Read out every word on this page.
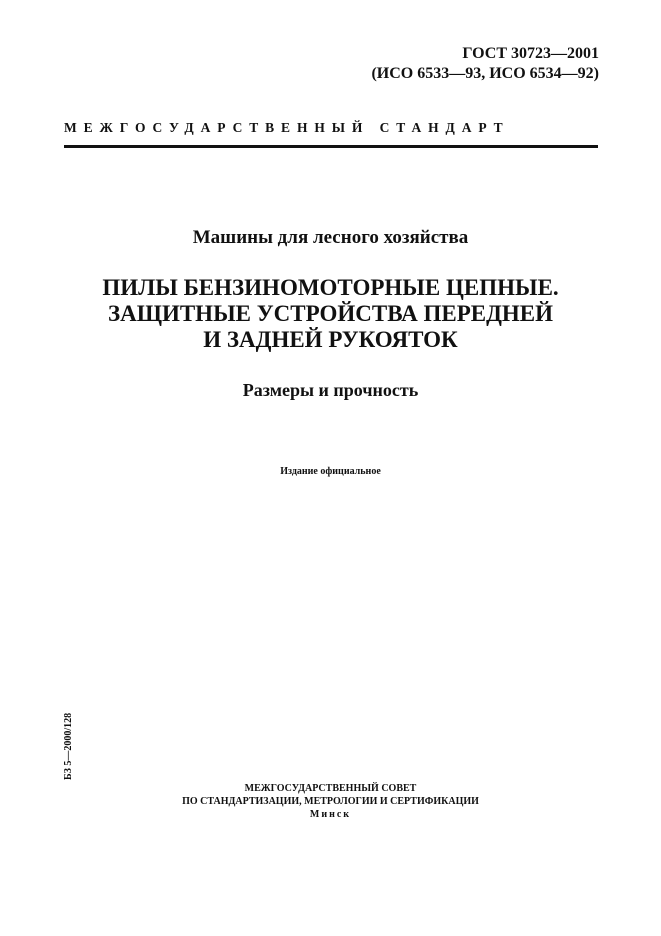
ГОСТ 30723—2001
(ИСО 6533—93, ИСО 6534—92)
МЕЖГОСУДАРСТВЕННЫЙ СТАНДАРТ
Машины для лесного хозяйства
ПИЛЫ БЕНЗИНОМОТОРНЫЕ ЦЕПНЫЕ.
ЗАЩИТНЫЕ УСТРОЙСТВА ПЕРЕДНЕЙ
И ЗАДНЕЙ РУКОЯТОК
Размеры и прочность
Издание официальное
БЗ 5—2000/128
МЕЖГОСУДАРСТВЕННЫЙ СОВЕТ
ПО СТАНДАРТИЗАЦИИ, МЕТРОЛОГИИ И СЕРТИФИКАЦИИ
Минск
